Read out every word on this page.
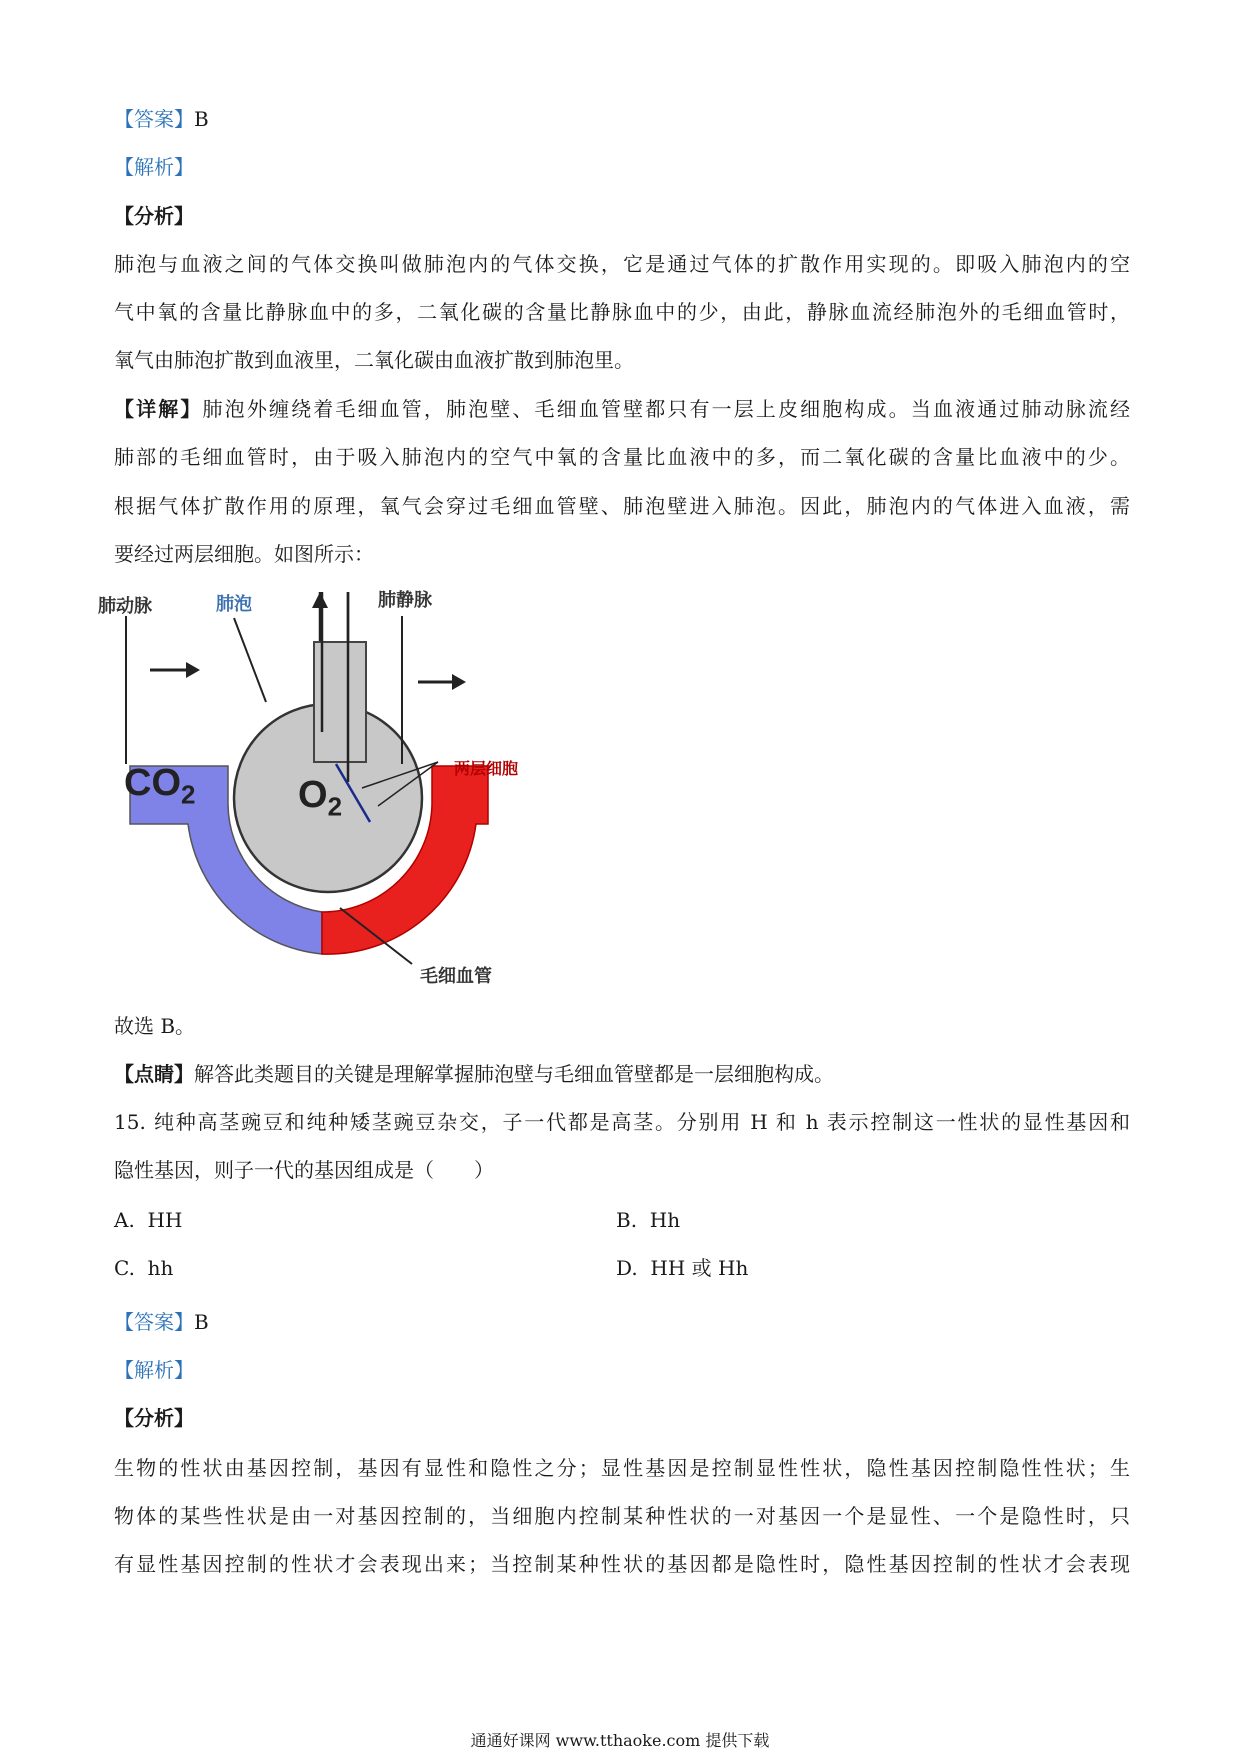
【答案】B
【解析】
【分析】
肺泡与血液之间的气体交换叫做肺泡内的气体交换，它是通过气体的扩散作用实现的。即吸入肺泡内的空
气中氧的含量比静脉血中的多，二氧化碳的含量比静脉血中的少，由此，静脉血流经肺泡外的毛细血管时，
氧气由肺泡扩散到血液里，二氧化碳由血液扩散到肺泡里。
【详解】肺泡外缠绕着毛细血管，肺泡壁、毛细血管壁都只有一层上皮细胞构成。当血液通过肺动脉流经
肺部的毛细血管时，由于吸入肺泡内的空气中氧的含量比血液中的多，而二氧化碳的含量比血液中的少。
根据气体扩散作用的原理，氧气会穿过毛细血管壁、肺泡壁进入肺泡。因此，肺泡内的气体进入血液，需
要经过两层细胞。如图所示：
肺动脉	肺泡	肺静脉
$CO_2$	$O_2$
两层细胞
毛细血管
故选 B。
【点睛】解答此类题目的关键是理解掌握肺泡壁与毛细血管壁都是一层细胞构成。
15. 纯种高茎豌豆和纯种矮茎豌豆杂交，子一代都是高茎。分别用 H 和 h 表示控制这一性状的显性基因和
隐性基因，则子一代的基因组成是（　　）
A. HH	B. Hh
C. hh	D. HH 或 Hh
【答案】B
【解析】
【分析】
生物的性状由基因控制，基因有显性和隐性之分；显性基因是控制显性性状，隐性基因控制隐性性状；生
物体的某些性状是由一对基因控制的，当细胞内控制某种性状的一对基因一个是显性、一个是隐性时，只
有显性基因控制的性状才会表现出来；当控制某种性状的基因都是隐性时，隐性基因控制的性状才会表现
通通好课网 www.tthaoke.com 提供下载
